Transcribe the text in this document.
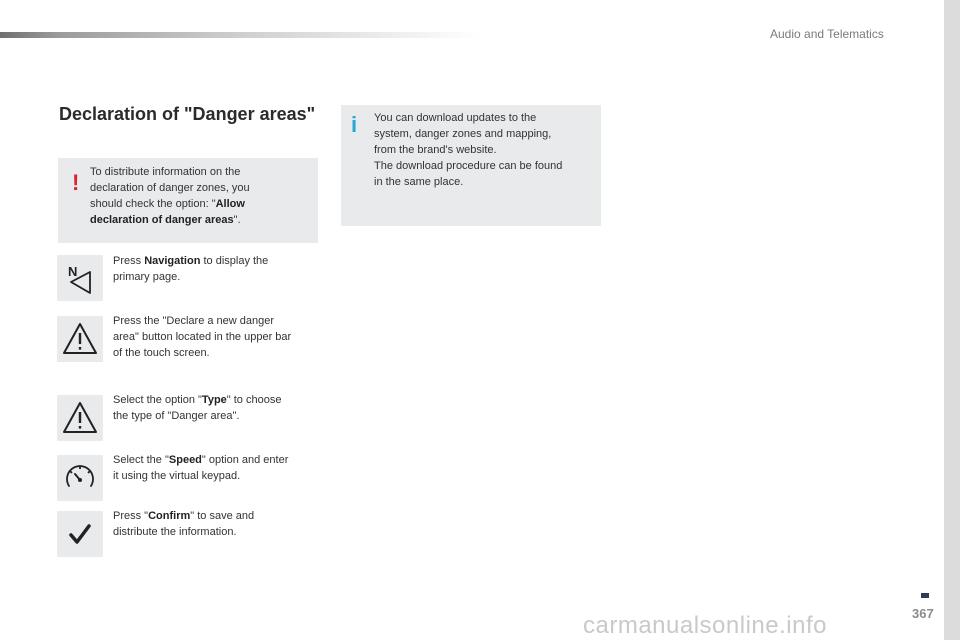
Audio and Telematics
367
Declaration of "Danger areas"
To distribute information on the
declaration of danger zones, you
should check the option: "Allow
declaration of danger areas".
!
You can download updates to the
system, danger zones and mapping,
from the brand's website.
The download procedure can be found
in the same place.
i
N
Press Navigation to display the
primary page.
Press the "Declare a new danger
area" button located in the upper bar
of the touch screen.
Select the option "Type" to choose
the type of "Danger area".
Select the "Speed" option and enter
it using the virtual keypad.
Press "Confirm" to save and
distribute the information.
carmanualsonline.info
